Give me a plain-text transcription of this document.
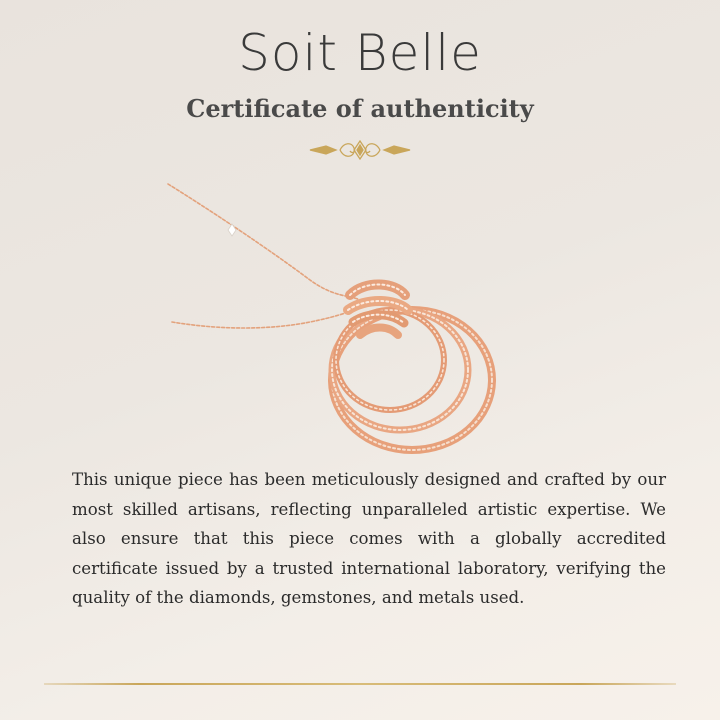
Soit Belle
Certificate of authenticity
This unique piece has been meticulously designed and crafted by our most skilled artisans, reflecting unparalleled artistic expertise. We also ensure that this piece comes with a globally accredited certificate issued by a trusted international laboratory, verifying the quality of the diamonds, gemstones, and metals used.
